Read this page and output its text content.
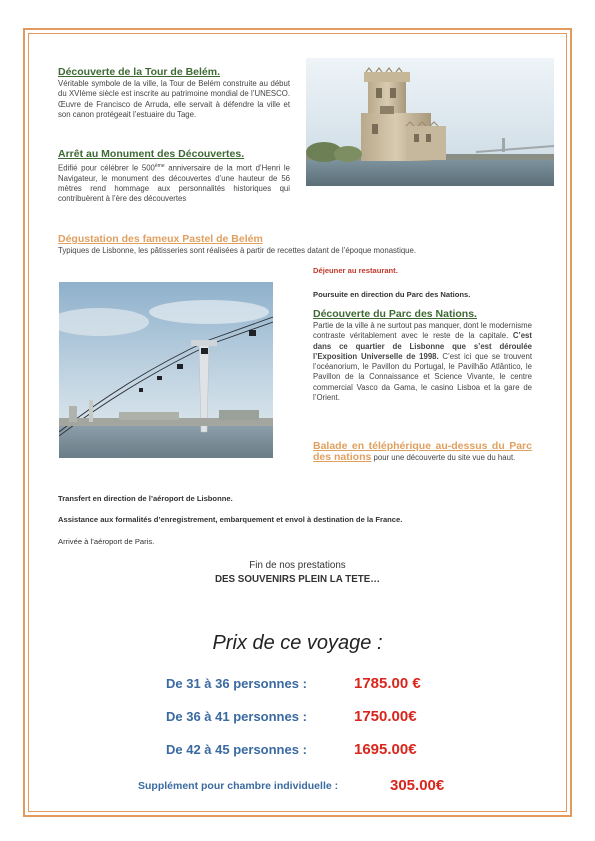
Découverte de la Tour de Belém.

Véritable symbole de la ville, la Tour de Belém construite au début du XVIème siècle est inscrite au patrimoine mondial de l’UNESCO. Œuvre de Francisco de Arruda, elle servait à défendre la ville et son canon protégeait l’estuaire du Tage.

Arrêt au Monument des Découvertes.

Edifié pour célébrer le 500ème anniversaire de la mort d’Henri le Navigateur, le monument des découvertes d’une hauteur de 56 mètres rend hommage aux personnalités historiques qui contribuèrent à l’ère des découvertes

Dégustation des fameux Pastel de Belém

Typiques de Lisbonne, les pâtisseries sont réalisées à partir de recettes datant de l’époque monastique.

Déjeuner au restaurant.
Poursuite en direction du Parc des Nations.

Découverte du Parc des Nations.

Partie de la ville à ne surtout pas manquer, dont le modernisme contraste véritablement avec le reste de la capitale. C’est dans ce quartier de Lisbonne que s’est déroulée l’Exposition Universelle de 1998. C’est ici que se trouvent l’océanorium, le Pavillon du Portugal, le Pavilhão Atlântico, le Pavillon de la Connaissance et Science Vivante, le centre commercial Vasco da Gama, le casino Lisboa et la gare de l’Orient.

Balade en téléphérique au-dessus du Parc des nations pour une découverte du site vue du haut.

Transfert en direction de l’aéroport de Lisbonne.
Assistance aux formalités d’enregistrement, embarquement et envol à destination de la France.
Arrivée à l’aéroport de Paris.
Fin de nos prestations
DES SOUVENIRS PLEIN LA TETE…
Prix de ce voyage :
De 31 à 36 personnes :	1785.00 €
De 36 à 41 personnes :	1750.00€
De 42 à 45 personnes :	1695.00€
Supplément pour chambre individuelle :	305.00€
